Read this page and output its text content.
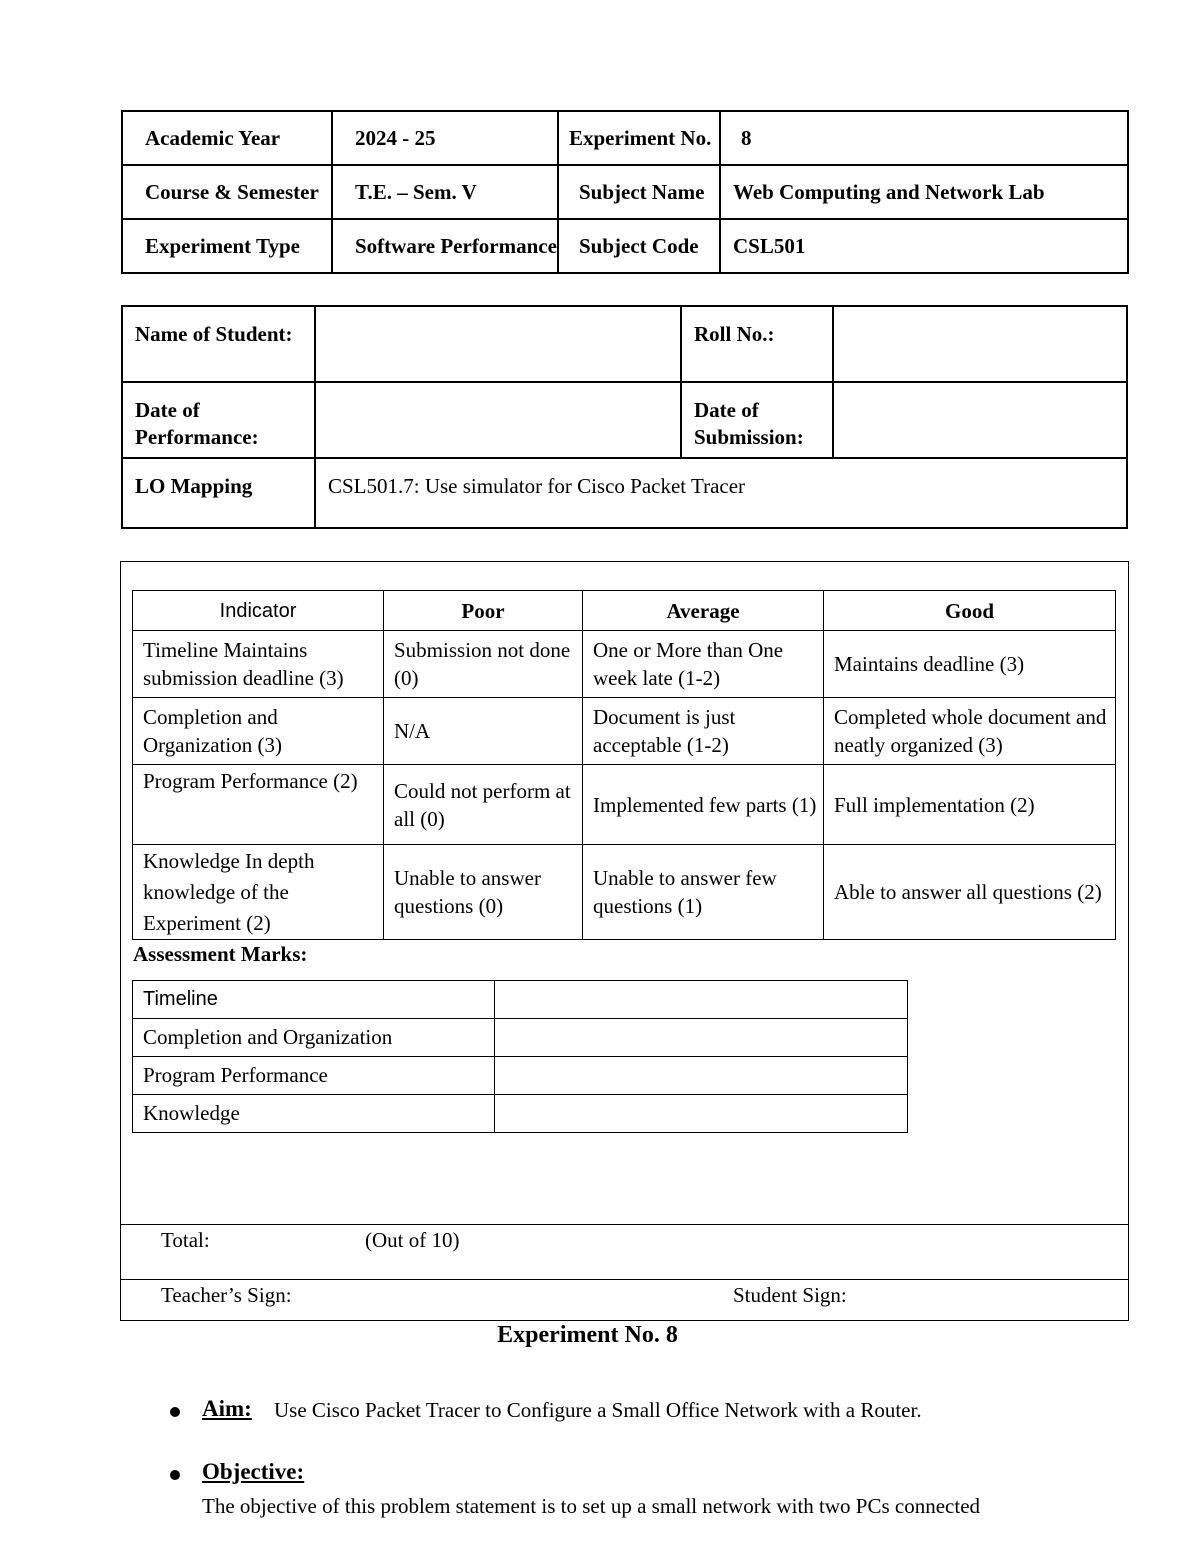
Academic Year	2024 - 25	Experiment No.	8
Course & Semester	T.E. – Sem. V	Subject Name	Web Computing and Network Lab
Experiment Type	Software Performance	Subject Code	CSL501
Name of Student:		Roll No.:	
Date of Performance:		Date of Submission:	
LO Mapping	CSL501.7: Use simulator for Cisco Packet Tracer		
Indicator	Poor	Average	Good
Timeline Maintains submission deadline (3)	Submission not done (0)	One or More than One week late (1-2)	Maintains deadline (3)
Completion and Organization (3)	N/A	Document is just acceptable (1-2)	Completed whole document and neatly organized (3)
Program Performance (2)	Could not perform at all (0)	Implemented few parts (1)	Full implementation (2)
Knowledge In depth knowledge of the Experiment (2)	Unable to answer questions (0)	Unable to answer few questions (1)	Able to answer all questions (2)
Assessment Marks:
Timeline	
Completion and Organization	
Program Performance	
Knowledge	
Total:	(Out of 10)
Teacher’s Sign:	Student Sign:
Experiment No. 8
Aim: Use Cisco Packet Tracer to Configure a Small Office Network with a Router.
Objective:
The objective of this problem statement is to set up a small network with two PCs connected
